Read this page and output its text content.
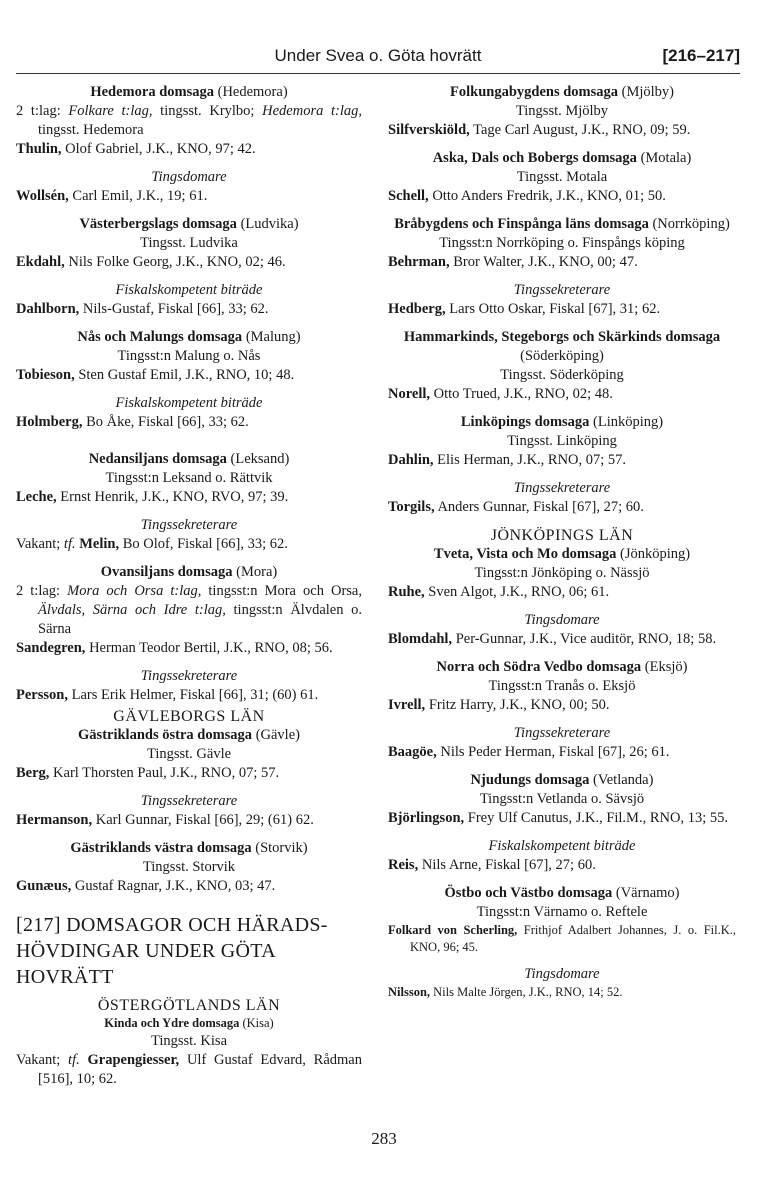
Under Svea o. Göta hovrätt	[216–217]
Hedemora domsaga (Hedemora)
2 t:lag: Folkare t:lag, tingsst. Krylbo; Hedemora t:lag, tingsst. Hedemora
Thulin, Olof Gabriel, J.K., KNO, 97; 42.
Tingsdomare
Wollsén, Carl Emil, J.K., 19; 61.
Västerbergslags domsaga (Ludvika)
Tingsst. Ludvika
Ekdahl, Nils Folke Georg, J.K., KNO, 02; 46.
Fiskalskompetent biträde
Dahlborn, Nils-Gustaf, Fiskal [66], 33; 62.
Nås och Malungs domsaga (Malung)
Tingsst:n Malung o. Nås
Tobieson, Sten Gustaf Emil, J.K., RNO, 10; 48.
Fiskalskompetent biträde
Holmberg, Bo Åke, Fiskal [66], 33; 62.
Nedansiljans domsaga (Leksand)
Tingsst:n Leksand o. Rättvik
Leche, Ernst Henrik, J.K., KNO, RVO, 97; 39.
Tingssekreterare
Vakant; tf. Melin, Bo Olof, Fiskal [66], 33; 62.
Ovansiljans domsaga (Mora)
2 t:lag: Mora och Orsa t:lag, tingsst:n Mora och Orsa, Älvdals, Särna och Idre t:lag, tingsst:n Älvdalen o. Särna
Sandegren, Herman Teodor Bertil, J.K., RNO, 08; 56.
Tingssekreterare
Persson, Lars Erik Helmer, Fiskal [66], 31; (60) 61.
GÄVLEBORGS LÄN
Gästriklands östra domsaga (Gävle)
Tingsst. Gävle
Berg, Karl Thorsten Paul, J.K., RNO, 07; 57.
Tingssekreterare
Hermanson, Karl Gunnar, Fiskal [66], 29; (61) 62.
Gästriklands västra domsaga (Storvik)
Tingsst. Storvik
Gunæus, Gustaf Ragnar, J.K., KNO, 03; 47.
[217] DOMSAGOR OCH HÄRADS-HÖVDINGAR UNDER GÖTA HOVRÄTT
ÖSTERGÖTLANDS LÄN
Kinda och Ydre domsaga (Kisa)
Tingsst. Kisa
Vakant; tf. Grapengiesser, Ulf Gustaf Edvard, Rådman [516], 10; 62.
Folkungabygdens domsaga (Mjölby)
Tingsst. Mjölby
Silfverskiöld, Tage Carl August, J.K., RNO, 09; 59.
Aska, Dals och Bobergs domsaga (Motala)
Tingsst. Motala
Schell, Otto Anders Fredrik, J.K., KNO, 01; 50.
Bråbygdens och Finspånga läns domsaga (Norrköping)
Tingsst:n Norrköping o. Finspångs köping
Behrman, Bror Walter, J.K., KNO, 00; 47.
Tingssekreterare
Hedberg, Lars Otto Oskar, Fiskal [67], 31; 62.
Hammarkinds, Stegeborgs och Skärkinds domsaga (Söderköping)
Tingsst. Söderköping
Norell, Otto Trued, J.K., RNO, 02; 48.
Linköpings domsaga (Linköping)
Tingsst. Linköping
Dahlin, Elis Herman, J.K., RNO, 07; 57.
Tingssekreterare
Torgils, Anders Gunnar, Fiskal [67], 27; 60.
JÖNKÖPINGS LÄN
Tveta, Vista och Mo domsaga (Jönköping)
Tingsst:n Jönköping o. Nässjö
Ruhe, Sven Algot, J.K., RNO, 06; 61.
Tingsdomare
Blomdahl, Per-Gunnar, J.K., Vice auditör, RNO, 18; 58.
Norra och Södra Vedbo domsaga (Eksjö)
Tingsst:n Tranås o. Eksjö
Ivrell, Fritz Harry, J.K., KNO, 00; 50.
Tingssekreterare
Baagöe, Nils Peder Herman, Fiskal [67], 26; 61.
Njudungs domsaga (Vetlanda)
Tingsst:n Vetlanda o. Sävsjö
Björlingson, Frey Ulf Canutus, J.K., Fil.M., RNO, 13; 55.
Fiskalskompetent biträde
Reis, Nils Arne, Fiskal [67], 27; 60.
Östbo och Västbo domsaga (Värnamo)
Tingsst:n Värnamo o. Reftele
Folkard von Scherling, Frithjof Adalbert Johannes, J. o. Fil.K., KNO, 96; 45.
Tingsdomare
Nilsson, Nils Malte Jörgen, J.K., RNO, 14; 52.
283
